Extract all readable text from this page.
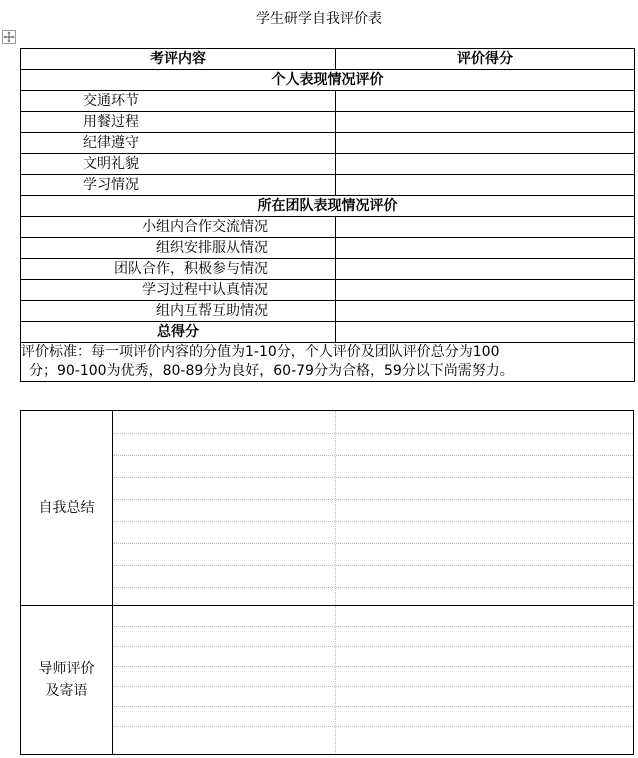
学生研学自我评价表
考评内容	评价得分
个人表现情况评价	
交通环节	
用餐过程	
纪律遵守	
文明礼貌	
学习情况	
所在团队表现情况评价	
小组内合作交流情况	
组织安排服从情况	
团队合作，积极参与情况	
学习过程中认真情况	
组内互帮互助情况	
总得分	

评价标准：每一项评价内容的分值为1-10分，个人评价及团队评价总分为100
分；90-100为优秀，80-89分为良好，60-79分为合格，59分以下尚需努力。	
自我总结
导师评价
及寄语
